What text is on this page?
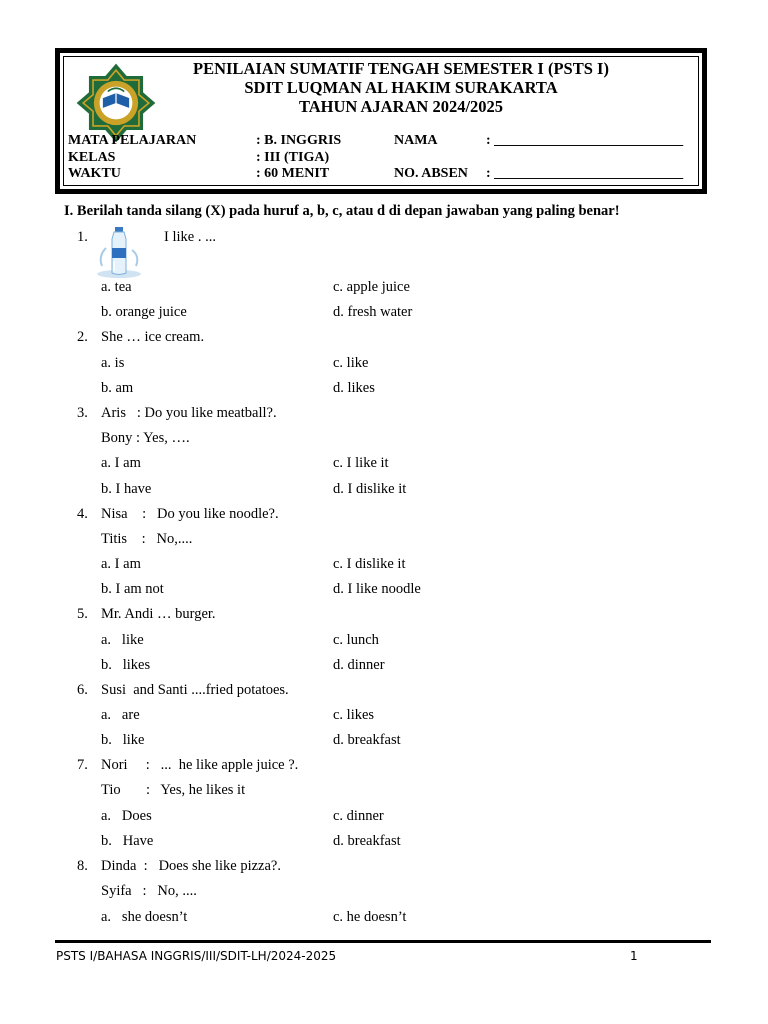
PENILAIAN SUMATIF TENGAH SEMESTER I (PSTS I)
SDIT LUQMAN AL HAKIM SURAKARTA
TAHUN AJARAN 2024/2025
MATA PELAJARAN	: B. INGGRIS	NAMA	: ___________________________
KELAS	: III (TIGA)
WAKTU	: 60 MENIT	NO. ABSEN : ___________________________
I. Berilah tanda silang (X) pada huruf a, b, c, atau d di depan jawaban yang paling benar!
1.	I like . ...
a. tea	c. apple juice
b. orange juice	d. fresh water
2. She … ice cream.
a. is	c. like
b. am	d. likes
3. Aris   : Do you like meatball?.
Bony : Yes, ….
a. I am	c. I like it
b. I have	d. I dislike it
4. Nisa    :   Do you like noodle?.
Titis    :   No,....
a. I am	c. I dislike it
b. I am not	d. I like noodle
5. Mr. Andi … burger.
a.   like	c. lunch
b.   likes	d. dinner
6. Susi  and Santi ....fried potatoes.
a.   are	c. likes
b.   like	d. breakfast
7. Nori     :   ...  he like apple juice ?.
Tio       :   Yes, he likes it
a.   Does	c. dinner
b.   Have	d. breakfast
8. Dinda  :   Does she like pizza?.
Syifa   :   No, ....
a.   she doesn’t	c. he doesn’t
PSTS I/BAHASA INGGRIS/III/SDIT-LH/2024-2025	1
